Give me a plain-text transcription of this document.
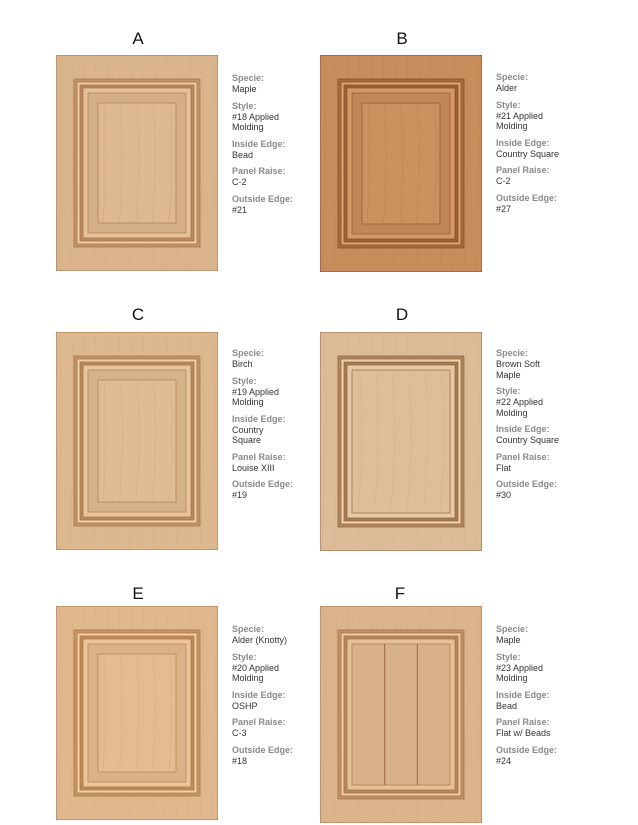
A
Specie:
Maple
Style:
#18 Applied
Molding
Inside Edge:
Bead
Panel Raise:
C-2
Outside Edge:
#21
B
Specie:
Alder
Style:
#21 Applied
Molding
Inside Edge:
Country Square
Panel Raise:
C-2
Outside Edge:
#27
C
Specie:
Birch
Style:
#19 Applied
Molding
Inside Edge:
Country
Square
Panel Raise:
Louise XIII
Outside Edge:
#19
D
Specie:
Brown Soft
Maple
Style:
#22 Applied
Molding
Inside Edge:
Country Square
Panel Raise:
Flat
Outside Edge:
#30
E
Specie:
Alder (Knotty)
Style:
#20 Applied
Molding
Inside Edge:
OSHP
Panel Raise:
C-3
Outside Edge:
#18
F
Specie:
Maple
Style:
#23 Applied
Molding
Inside Edge:
Bead
Panel Raise:
Flat w/ Beads
Outside Edge:
#24
